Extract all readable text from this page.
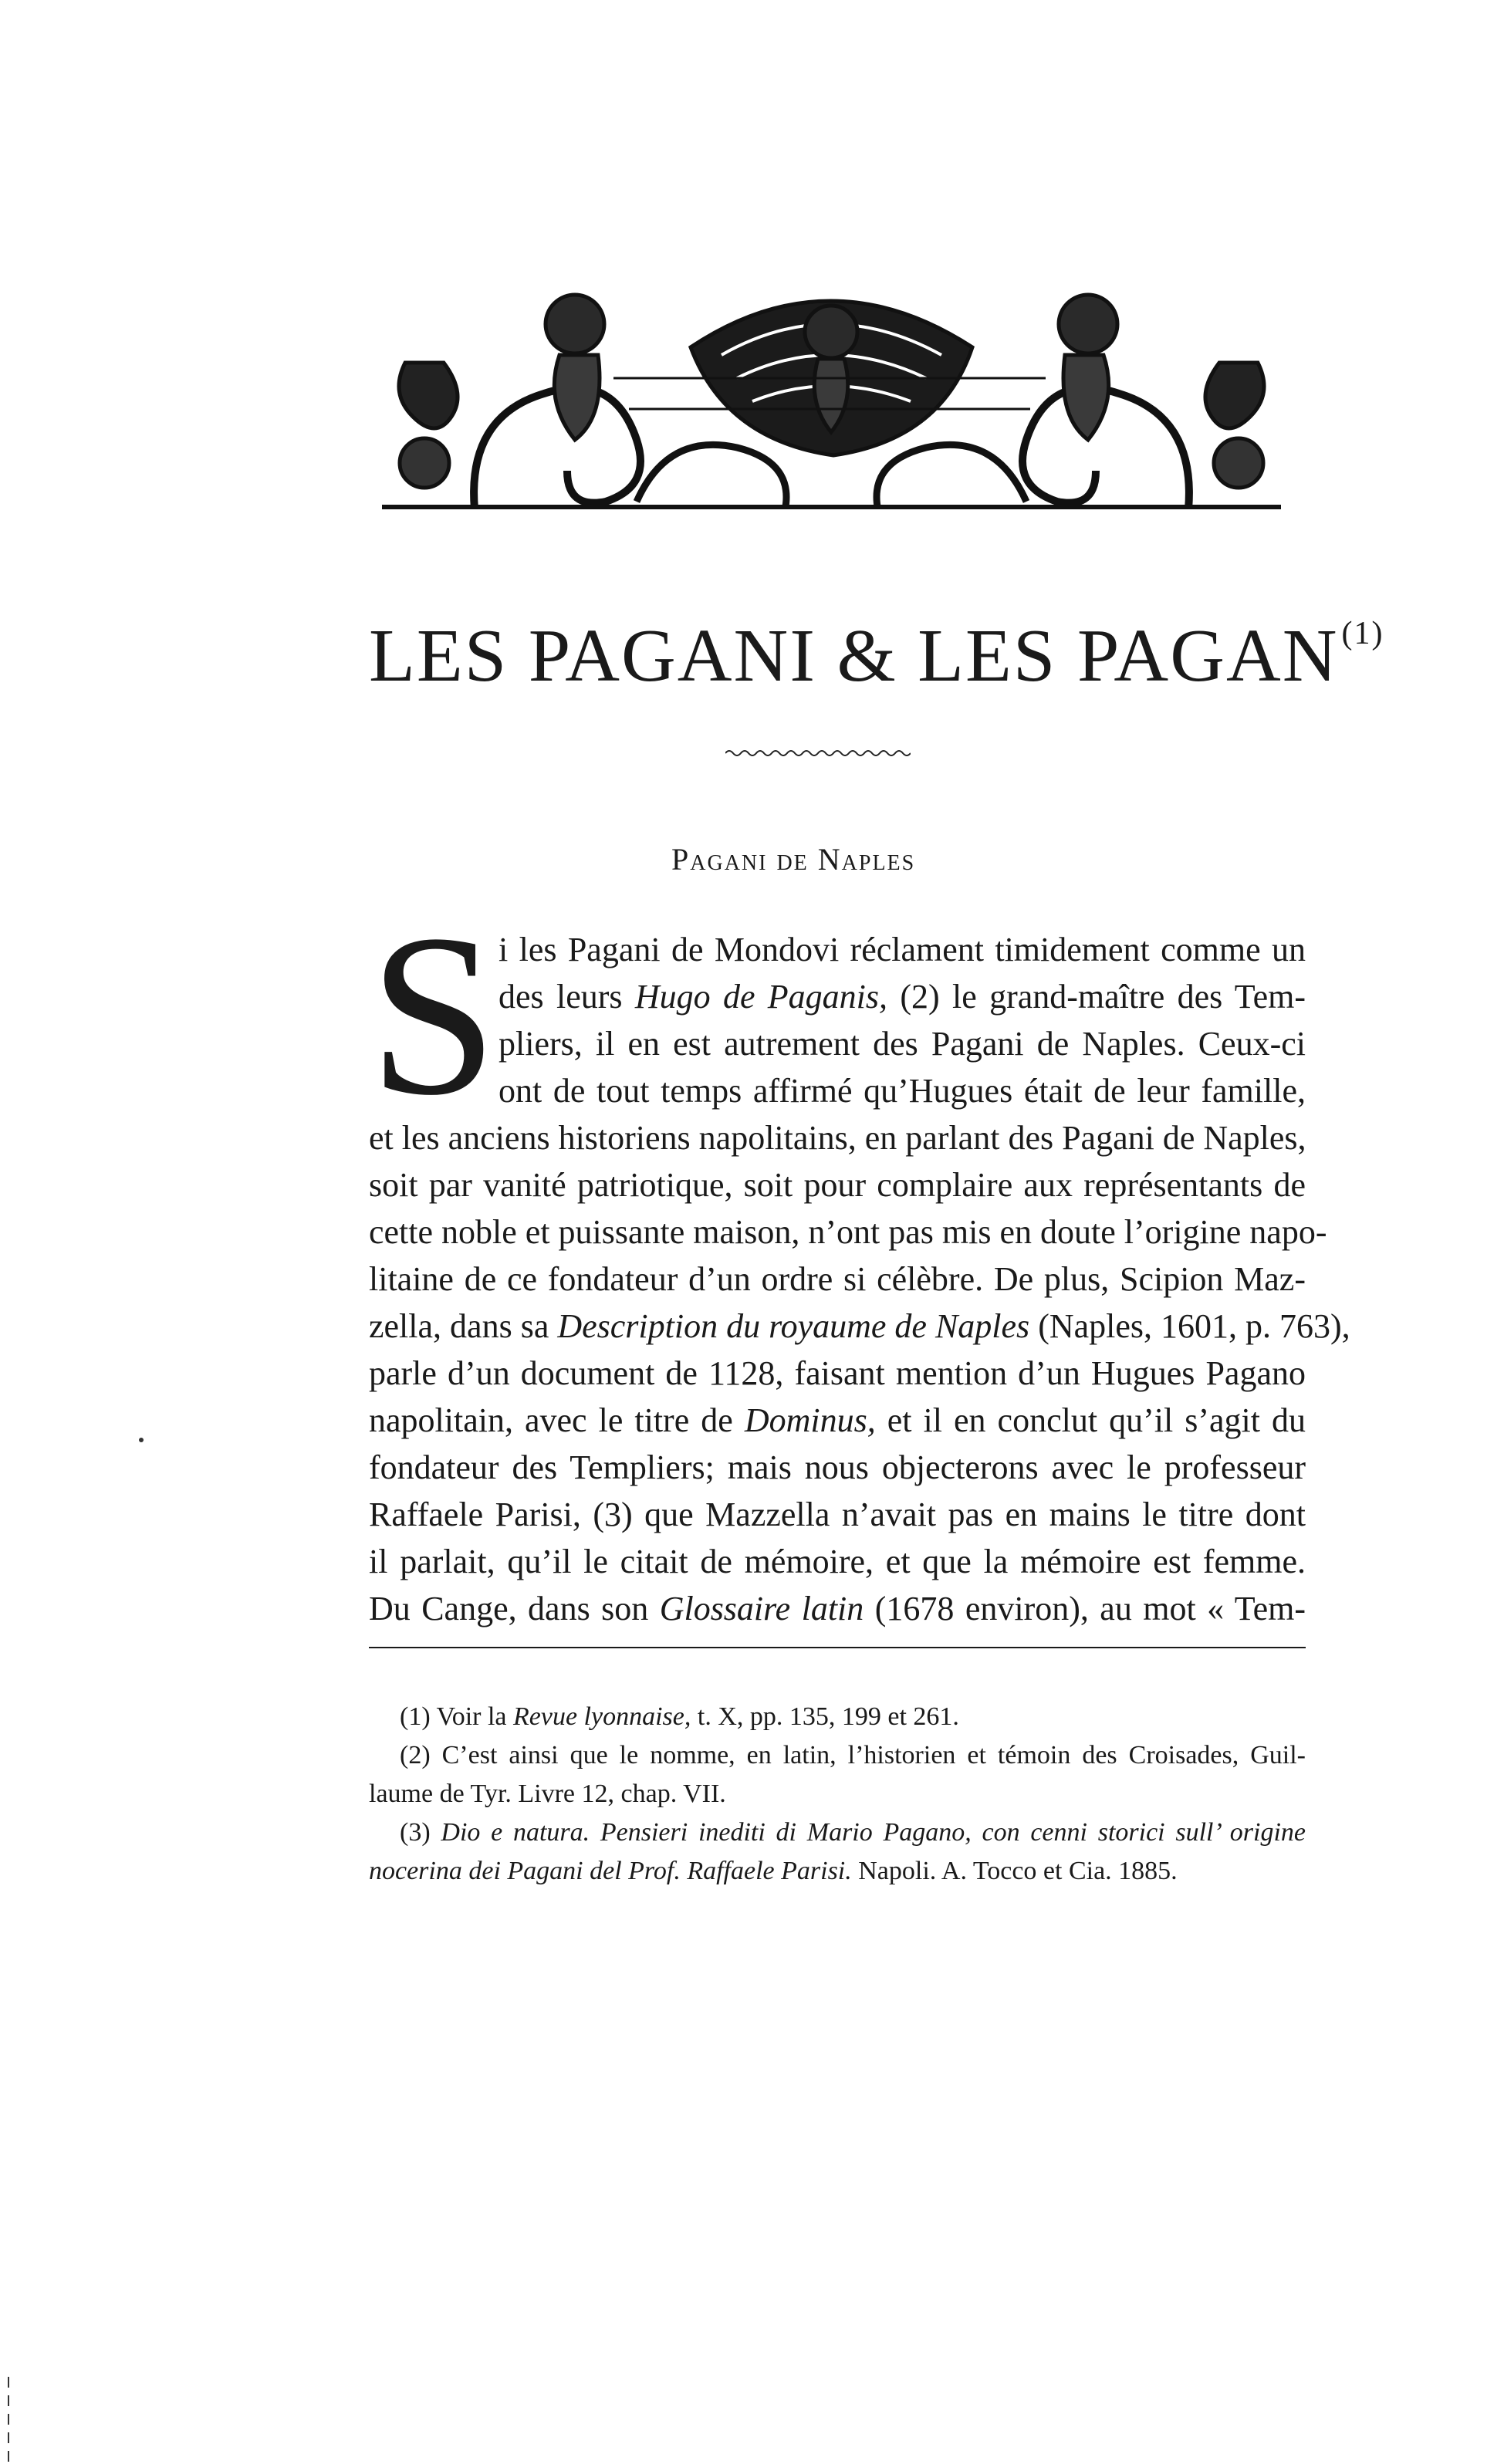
LES PAGANI & LES PAGAN$^{(1)}$
Pagani de Naples
S i les Pagani de Mondovi réclament timidement comme un
des leurs Hugo de Paganis, (2) le grand-maître des Tem-
pliers, il en est autrement des Pagani de Naples. Ceux-ci
ont de tout temps affirmé qu’Hugues était de leur famille,
et les anciens historiens napolitains, en parlant des Pagani de Naples,
soit par vanité patriotique, soit pour complaire aux représentants de
cette noble et puissante maison, n’ont pas mis en doute l’origine napo-
litaine de ce fondateur d’un ordre si célèbre. De plus, Scipion Maz-
zella, dans sa Description du royaume de Naples (Naples, 1601, p. 763),
parle d’un document de 1128, faisant mention d’un Hugues Pagano
napolitain, avec le titre de Dominus, et il en conclut qu’il s’agit du
fondateur des Templiers; mais nous objecterons avec le professeur
Raffaele Parisi, (3) que Mazzella n’avait pas en mains le titre dont
il parlait, qu’il le citait de mémoire, et que la mémoire est femme.
Du Cange, dans son Glossaire latin (1678 environ), au mot « Tem-
(1) Voir la Revue lyonnaise, t. X, pp. 135, 199 et 261.
(2) C’est ainsi que le nomme, en latin, l’historien et témoin des Croisades, Guil-
laume de Tyr. Livre 12, chap. VII.
(3) Dio e natura. Pensieri inediti di Mario Pagano, con cenni storici sull’ origine
nocerina dei Pagani del Prof. Raffaele Parisi. Napoli. A. Tocco et Cia. 1885.
